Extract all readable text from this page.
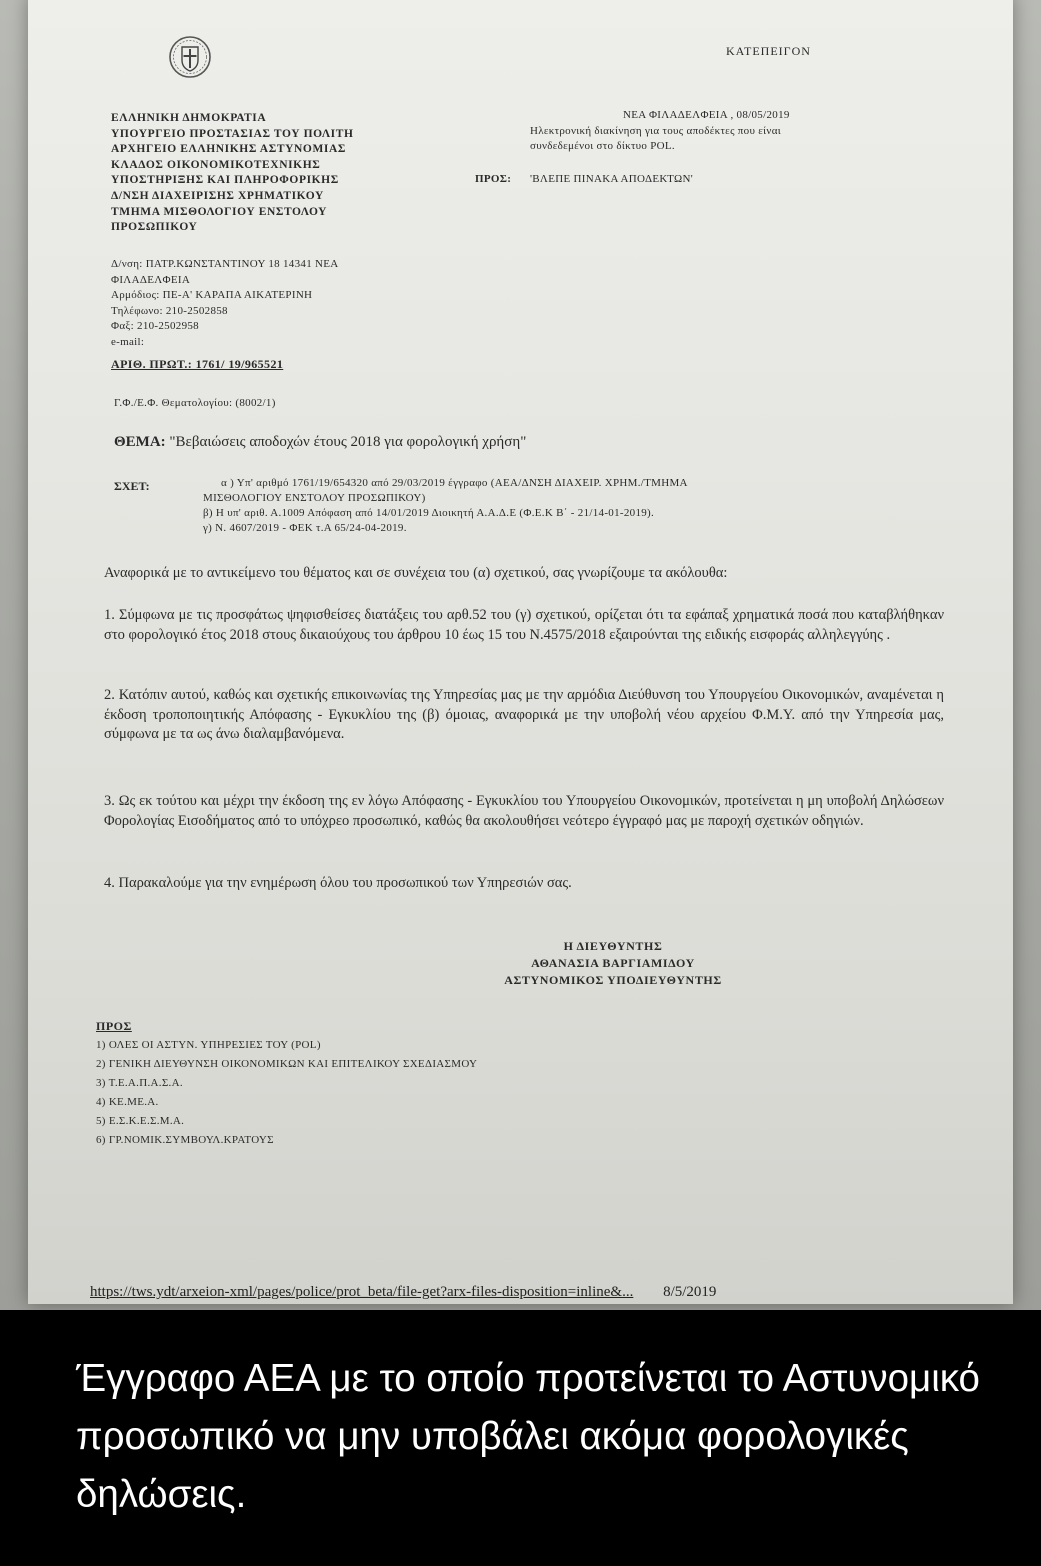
ΚΑΤΕΠΕΙΓΟΝ

ΕΛΛΗΝΙΚΗ ΔΗΜΟΚΡΑΤΙΑ
ΥΠΟΥΡΓΕΙΟ ΠΡΟΣΤΑΣΙΑΣ ΤΟΥ ΠΟΛΙΤΗ
ΑΡΧΗΓΕΙΟ ΕΛΛΗΝΙΚΗΣ ΑΣΤΥΝΟΜΙΑΣ
ΚΛΑΔΟΣ ΟΙΚΟΝΟΜΙΚΟΤΕΧΝΙΚΗΣ
ΥΠΟΣΤΗΡΙΞΗΣ ΚΑΙ ΠΛΗΡΟΦΟΡΙΚΗΣ
Δ/ΝΣΗ ΔΙΑΧΕΙΡΙΣΗΣ ΧΡΗΜΑΤΙΚΟΥ
ΤΜΗΜΑ ΜΙΣΘΟΛΟΓΙΟΥ ΕΝΣΤΟΛΟΥ
ΠΡΟΣΩΠΙΚΟΥ
Δ/νση: ΠΑΤΡ.ΚΩΝΣΤΑΝΤΙΝΟΥ 18 14341 ΝΕΑ
ΦΙΛΑΔΕΛΦΕΙΑ
Αρμόδιος: ΠΕ-Α' ΚΑΡΑΠΑ ΑΙΚΑΤΕΡΙΝΗ
Τηλέφωνο: 210-2502858
Φαξ: 210-2502958
e-mail:

ΑΡΙΘ. ΠΡΩΤ.: 1761/ 19/965521

ΝΕΑ ΦΙΛΑΔΕΛΦΕΙΑ , 08/05/2019

Ηλεκτρονική διακίνηση για τους αποδέκτες που είναι συνδεδεμένοι στο δίκτυο POL.

ΠΡΟΣ: 'ΒΛΕΠΕ ΠΙΝΑΚΑ ΑΠΟΔΕΚΤΩΝ'

Γ.Φ./Ε.Φ. Θεματολογίου: (8002/1)

ΘΕΜΑ: "Βεβαιώσεις αποδοχών έτους 2018 για φορολογική χρήση"

ΣΧΕΤ:	α ) Υπ' αριθμό 1761/19/654320 από 29/03/2019 έγγραφο (ΑΕΑ/ΔΝΣΗ ΔΙΑΧΕΙΡ. ΧΡΗΜ./ΤΜΗΜΑ
ΜΙΣΘΟΛΟΓΙΟΥ ΕΝΣΤΟΛΟΥ ΠΡΟΣΩΠΙΚΟΥ)
β) Η υπ' αριθ. Α.1009 Απόφαση από 14/01/2019 Διοικητή Α.Α.Δ.Ε (Φ.Ε.Κ Β΄ - 21/14-01-2019).
γ) Ν. 4607/2019 - ΦΕΚ τ.Α 65/24-04-2019.

Αναφορικά με το αντικείμενο του θέματος και σε συνέχεια του (α) σχετικού, σας γνωρίζουμε τα ακόλουθα:

1. Σύμφωνα με τις προσφάτως ψηφισθείσες διατάξεις του αρθ.52 του (γ) σχετικού, ορίζεται ότι τα εφάπαξ χρηματικά ποσά που καταβλήθηκαν στο φορολογικό έτος 2018 στους δικαιούχους του άρθρου 10 έως 15 του Ν.4575/2018 εξαιρούνται της ειδικής εισφοράς αλληλεγγύης .
2. Κατόπιν αυτού, καθώς και σχετικής επικοινωνίας της Υπηρεσίας μας με την αρμόδια Διεύθυνση του Υπουργείου Οικονομικών, αναμένεται η έκδοση τροποποιητικής Απόφασης - Εγκυκλίου της (β) όμοιας, αναφορικά με την υποβολή νέου αρχείου Φ.Μ.Υ. από την Υπηρεσία μας, σύμφωνα με τα ως άνω διαλαμβανόμενα.
3. Ως εκ τούτου και μέχρι την έκδοση της εν λόγω Απόφασης - Εγκυκλίου του Υπουργείου Οικονομικών, προτείνεται η μη υποβολή Δηλώσεων Φορολογίας Εισοδήματος από το υπόχρεο προσωπικό, καθώς θα ακολουθήσει νεότερο έγγραφό μας με παροχή σχετικών οδηγιών.
4. Παρακαλούμε για την ενημέρωση όλου του προσωπικού των Υπηρεσιών σας.
Η ΔΙΕΥΘΥΝΤΗΣ
ΑΘΑΝΑΣΙΑ ΒΑΡΓΙΑΜΙΔΟΥ
ΑΣΤΥΝΟΜΙΚΟΣ ΥΠΟΔΙΕΥΘΥΝΤΗΣ

ΠΡΟΣ

1) ΟΛΕΣ ΟΙ ΑΣΤΥΝ. ΥΠΗΡΕΣΙΕΣ ΤΟΥ (POL)
2) ΓΕΝΙΚΗ ΔΙΕΥΘΥΝΣΗ ΟΙΚΟΝΟΜΙΚΩΝ ΚΑΙ ΕΠΙΤΕΛΙΚΟΥ ΣΧΕΔΙΑΣΜΟΥ
3) Τ.Ε.Α.Π.Α.Σ.Α.
4) ΚΕ.ΜΕ.Α.
5) Ε.Σ.Κ.Ε.Σ.Μ.Α.
6) ΓΡ.ΝΟΜΙΚ.ΣΥΜΒΟΥΛ.ΚΡΑΤΟΥΣ
https://tws.ydt/arxeion-xml/pages/police/prot_beta/file-get?arx-files-disposition=inline&... 8/5/2019

Έγγραφο ΑΕΑ με το οποίο προτείνεται το Αστυνομικό προσωπικό να μην υποβάλει ακόμα φορολογικές δηλώσεις.
